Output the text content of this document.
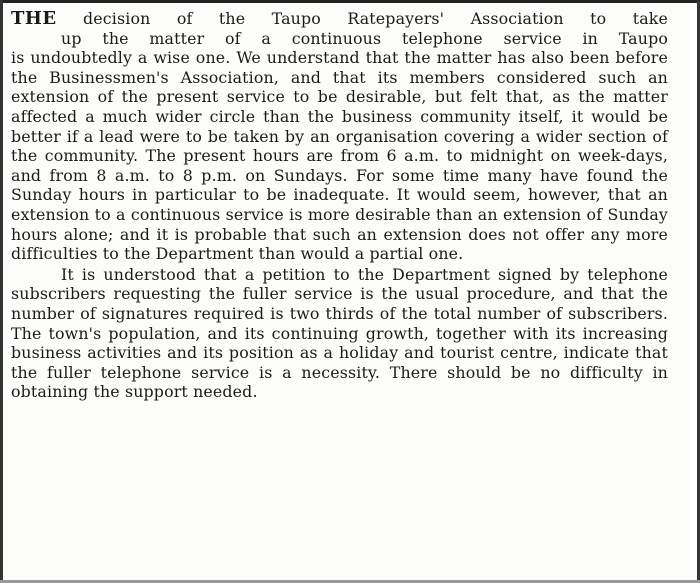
THE decision of the Taupo Ratepayers' Association to take
up the matter of a continuous telephone service in Taupo
is undoubtedly a wise one. We understand that the matter has also been before the Businessmen's Association, and that its members considered such an extension of the present service to be desirable, but felt that, as the matter affected a much wider circle than the business community itself, it would be better if a lead were to be taken by an organisation covering a wider section of the community. The present hours are from 6 a.m. to midnight on week-days, and from 8 a.m. to 8 p.m. on Sundays. For some time many have found the Sunday hours in particular to be inadequate. It would seem, however, that an extension to a continuous service is more desirable than an extension of Sunday hours alone; and it is probable that such an extension does not offer any more difficulties to the Department than would a partial one.

It is understood that a petition to the Department signed by telephone subscribers requesting the fuller service is the usual procedure, and that the number of signatures required is two thirds of the total number of subscribers. The town's population, and its continuing growth, together with its increasing business activities and its position as a holiday and tourist centre, indicate that the fuller telephone service is a necessity. There should be no difficulty in obtaining the support needed.
